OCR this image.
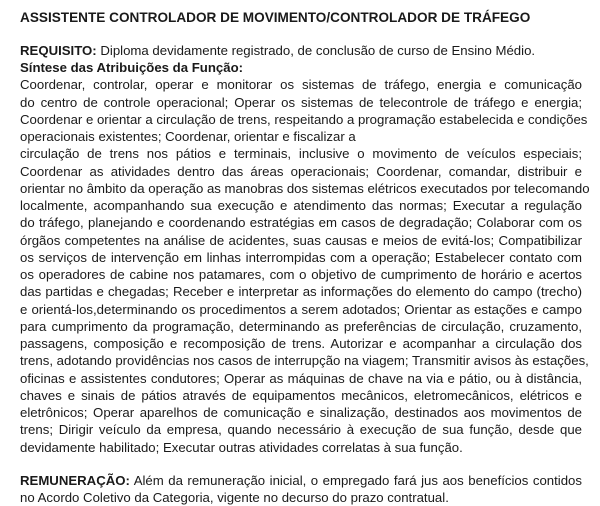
ASSISTENTE CONTROLADOR DE MOVIMENTO/CONTROLADOR DE TRÁFEGO

REQUISITO: Diploma devidamente registrado, de conclusão de curso de Ensino Médio.

Síntese das Atribuições da Função:

Coordenar, controlar, operar e monitorar os sistemas de tráfego, energia e comunicação
do centro de controle operacional; Operar os sistemas de telecontrole de tráfego e energia;
Coordenar e orientar a circulação de trens, respeitando a programação estabelecida e condições
operacionais existentes; Coordenar, orientar e fiscalizar a
circulação de trens nos pátios e terminais, inclusive o movimento de veículos especiais;
Coordenar as atividades dentro das áreas operacionais; Coordenar, comandar, distribuir e
orientar no âmbito da operação as manobras dos sistemas elétricos executados por telecomando
localmente, acompanhando sua execução e atendimento das normas; Executar a regulação
do tráfego, planejando e coordenando estratégias em casos de degradação; Colaborar com os
órgãos competentes na análise de acidentes, suas causas e meios de evitá-los; Compatibilizar
os serviços de intervenção em linhas interrompidas com a operação; Estabelecer contato com
os operadores de cabine nos patamares, com o objetivo de cumprimento de horário e acertos
das partidas e chegadas; Receber e interpretar as informações do elemento do campo (trecho)
e orientá-los,determinando os procedimentos a serem adotados; Orientar as estações e campo
para cumprimento da programação, determinando as preferências de circulação, cruzamento,
passagens, composição e recomposição de trens. Autorizar e acompanhar a circulação dos
trens, adotando providências nos casos de interrupção na viagem; Transmitir avisos às estações,
oficinas e assistentes condutores; Operar as máquinas de chave na via e pátio, ou à distância,
chaves e sinais de pátios através de equipamentos mecânicos, eletromecânicos, elétricos e
eletrônicos; Operar aparelhos de comunicação e sinalização, destinados aos movimentos de
trens; Dirigir veículo da empresa, quando necessário à execução de sua função, desde que
devidamente habilitado; Executar outras atividades correlatas à sua função.
REMUNERAÇÃO: Além da remuneração inicial, o empregado fará jus aos benefícios contidos
no Acordo Coletivo da Categoria, vigente no decurso do prazo contratual.
